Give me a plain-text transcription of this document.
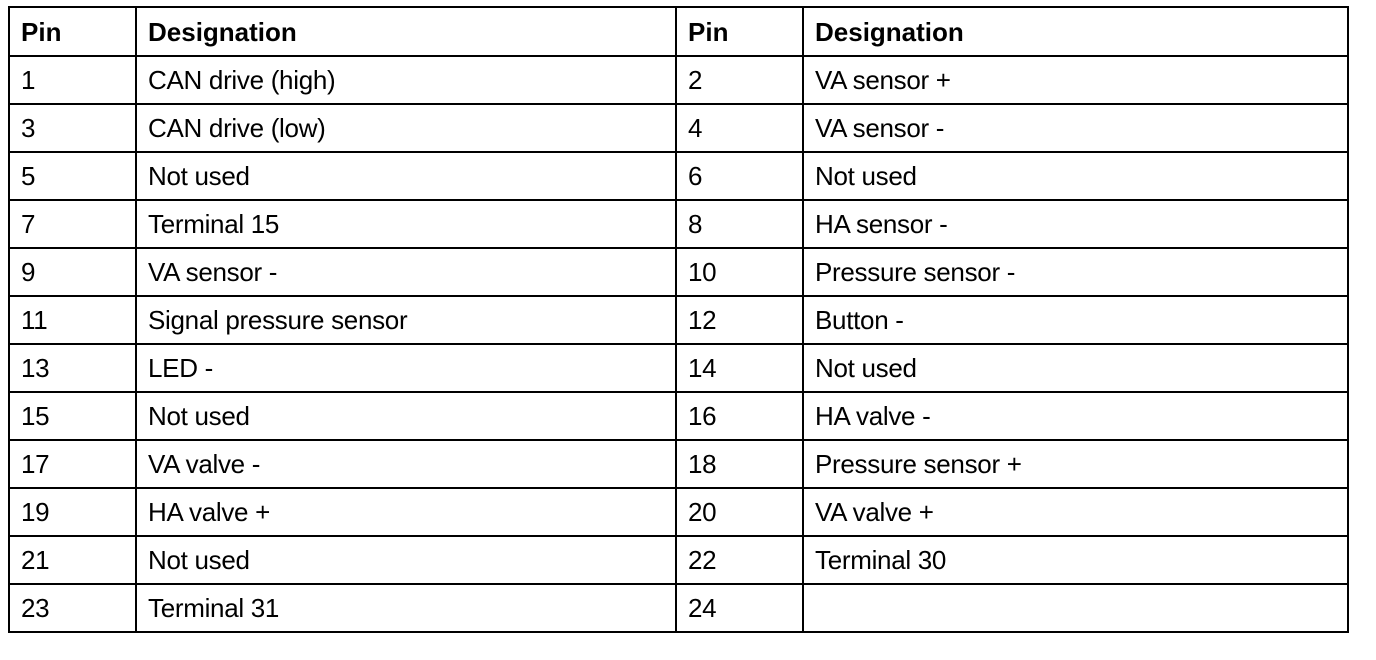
Pin	Designation	Pin	Designation
1	CAN drive (high)	2	VA sensor +
3	CAN drive (low)	4	VA sensor -
5	Not used	6	Not used
7	Terminal 15	8	HA sensor -
9	VA sensor -	10	Pressure sensor -
11	Signal pressure sensor	12	Button -
13	LED -	14	Not used
15	Not used	16	HA valve -
17	VA valve -	18	Pressure sensor +
19	HA valve +	20	VA valve +
21	Not used	22	Terminal 30
23	Terminal 31	24	
